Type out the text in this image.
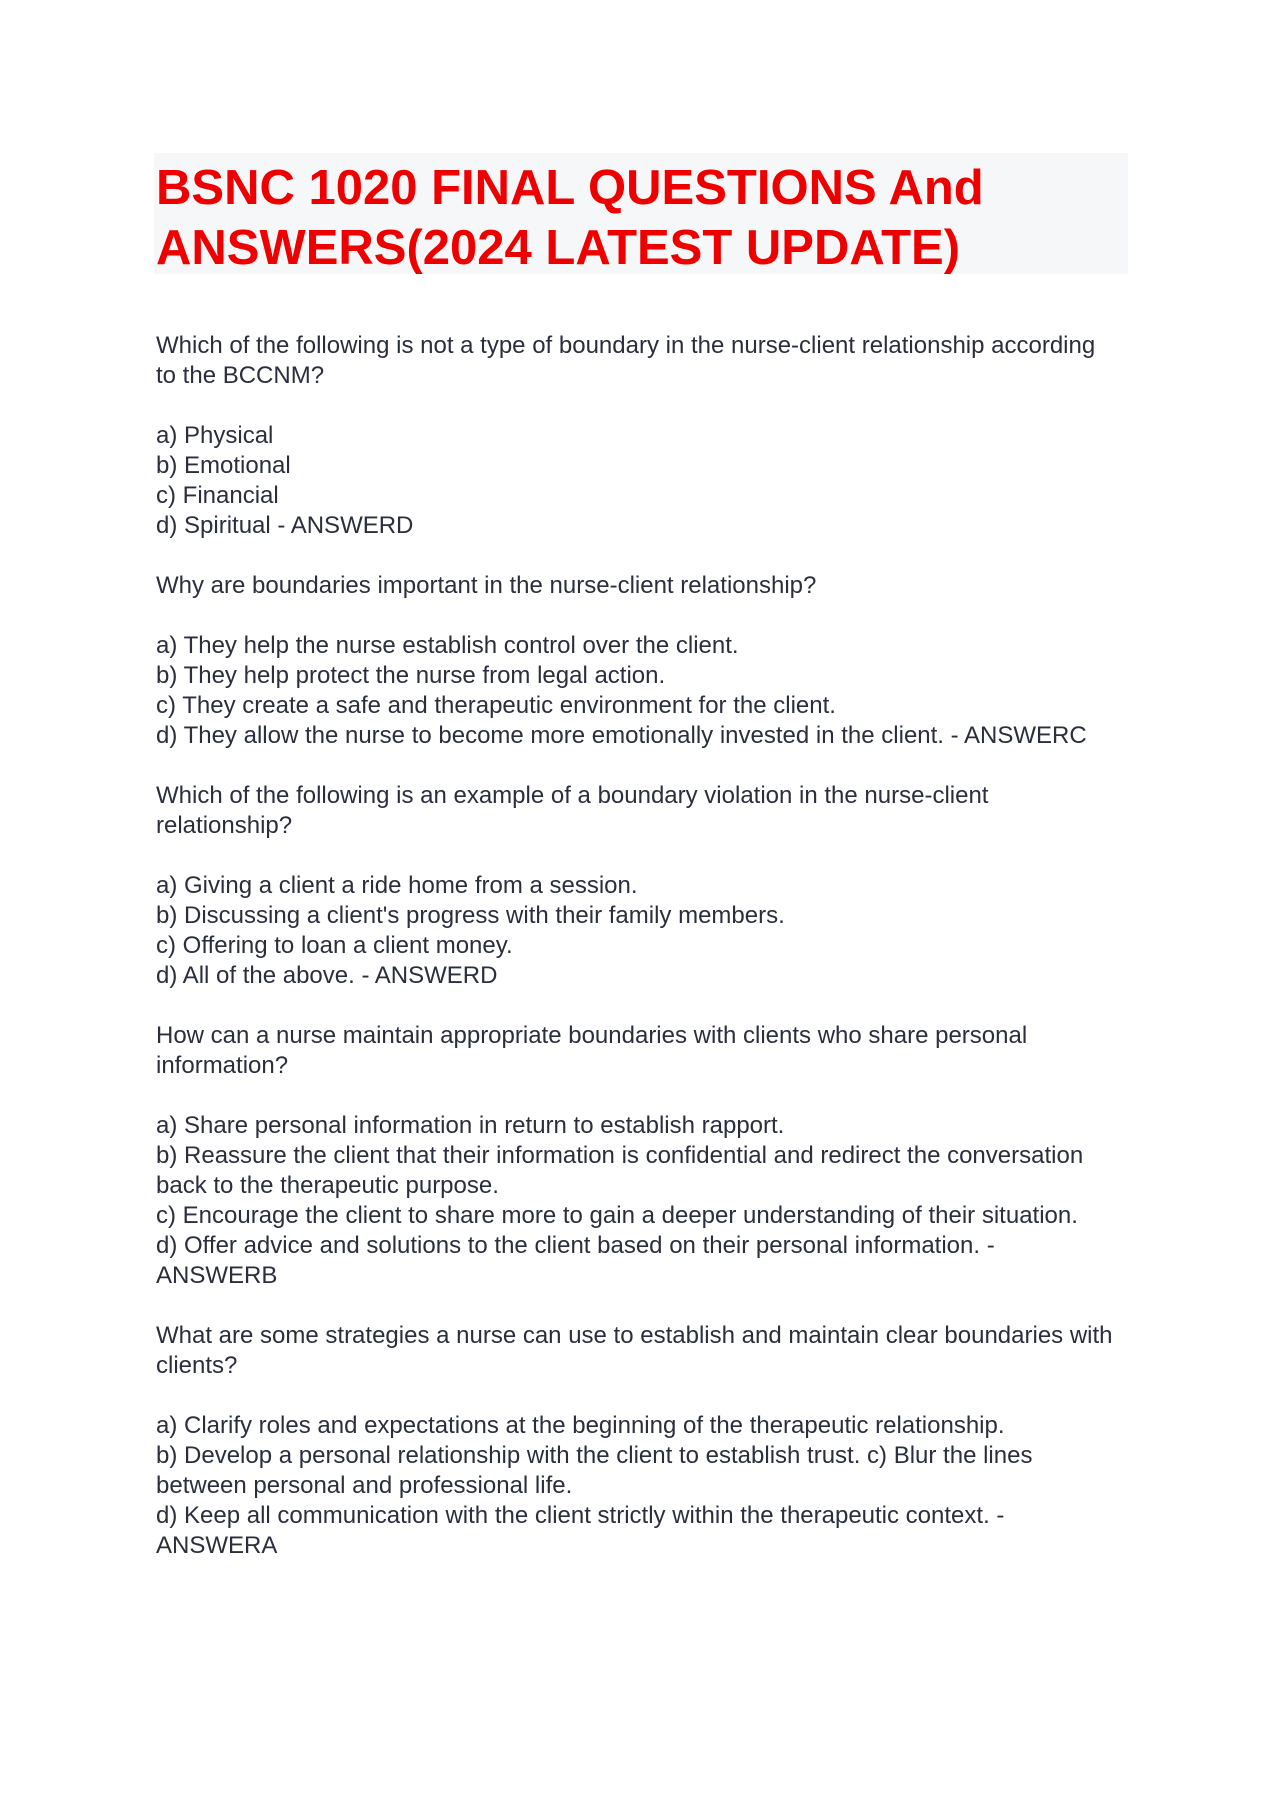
BSNC 1020 FINAL QUESTIONS And
ANSWERS(2024 LATEST UPDATE)

Which of the following is not a type of boundary in the nurse-client relationship according to the BCCNM?

a) Physical

b) Emotional

c) Financial

d) Spiritual - ANSWERD

Why are boundaries important in the nurse-client relationship?

a) They help the nurse establish control over the client.

b) They help protect the nurse from legal action.

c) They create a safe and therapeutic environment for the client.

d) They allow the nurse to become more emotionally invested in the client. - ANSWERC

Which of the following is an example of a boundary violation in the nurse-client relationship?

a) Giving a client a ride home from a session.

b) Discussing a client's progress with their family members.

c) Offering to loan a client money.

d) All of the above. - ANSWERD

How can a nurse maintain appropriate boundaries with clients who share personal information?

a) Share personal information in return to establish rapport.

b) Reassure the client that their information is confidential and redirect the conversation back to the therapeutic purpose.

c) Encourage the client to share more to gain a deeper understanding of their situation.

d) Offer advice and solutions to the client based on their personal information. - ANSWERB

What are some strategies a nurse can use to establish and maintain clear boundaries with clients?

a) Clarify roles and expectations at the beginning of the therapeutic relationship.

b) Develop a personal relationship with the client to establish trust. c) Blur the lines between personal and professional life.

d) Keep all communication with the client strictly within the therapeutic context. - ANSWERA
